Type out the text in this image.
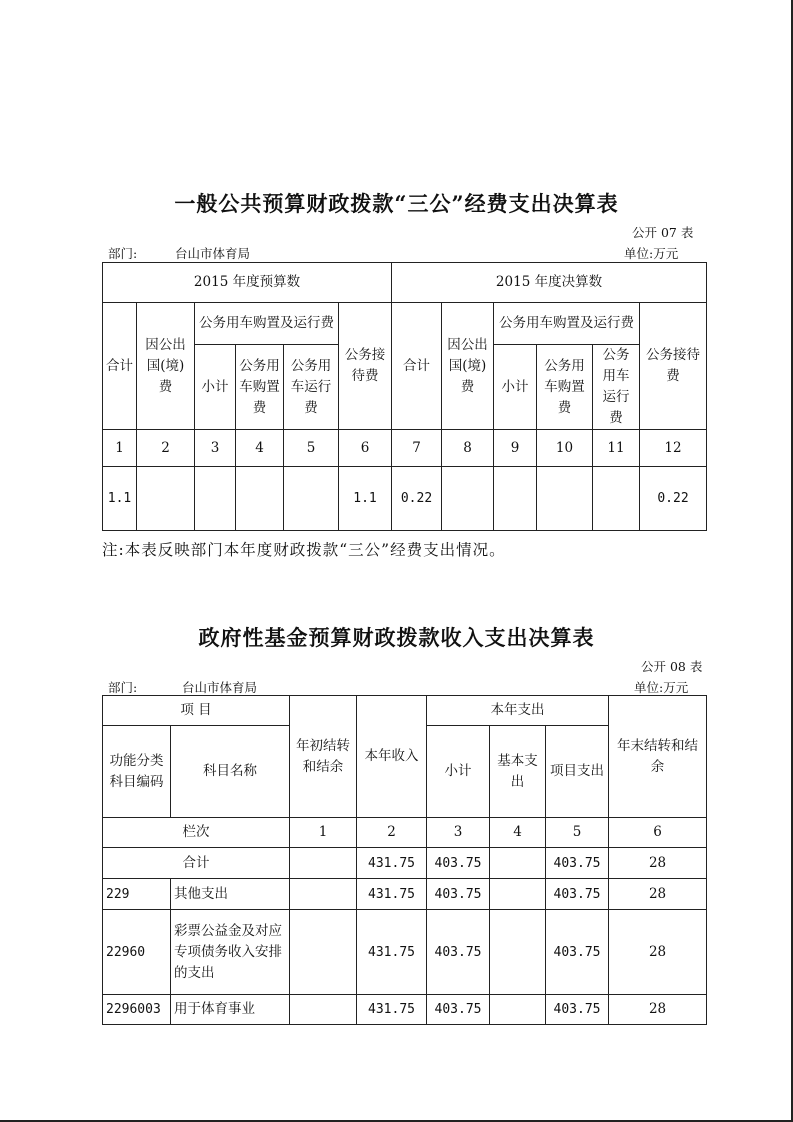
一般公共预算财政拨款“三公”经费支出决算表
公开 07 表
部门:	台山市体育局	单位:万元
2015 年度预算数						2015 年度决算数					
合计	因公出国(境)费	公务用车购置及运行费			公务接待费	合计	因公出国(境)费	公务用车购置及运行费			公务接待费
		小计	公务用车购置费	公务用车运行费				小计	公务用车购置费	公务用车运行费	
1	2	3	4	5	6	7	8	9	10	11	12
1.1					1.1	0.22					0.22
注:本表反映部门本年度财政拨款“三公”经费支出情况。
政府性基金预算财政拨款收入支出决算表
公开 08 表
部门:	台山市体育局	单位:万元
项 目		年初结转和结余	本年收入	本年支出			年末结转和结余
功能分类科目编码	科目名称			小计	基本支出	项目支出	
栏次		1	2	3	4	5	6
合计			431.75	403.75		403.75	28
229	其他支出		431.75	403.75		403.75	28
22960	彩票公益金及对应专项债务收入安排的支出		431.75	403.75		403.75	28
2296003	用于体育事业		431.75	403.75		403.75	28
